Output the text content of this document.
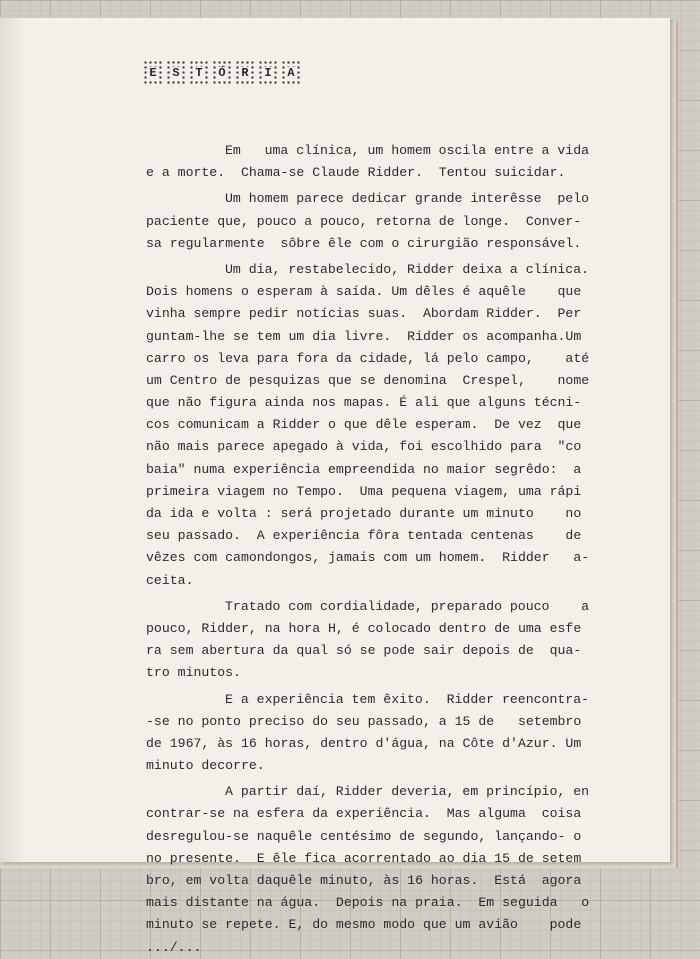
E S T Ó R I A
Em   uma clínica, um homem oscila entre a vida
e a morte.  Chama-se Claude Ridder.  Tentou suicidar.
Um homem parece dedicar grande interêsse  pelo
paciente que, pouco a pouco, retorna de longe.  Conver-
sa regularmente  sôbre êle com o cirurgião responsável.
Um dia, restabelecido, Ridder deixa a clínica.
Dois homens o esperam à saída. Um dêles é aquêle    que
vinha sempre pedir notícias suas.  Abordam Ridder.  Per
guntam-lhe se tem um dia livre.  Ridder os acompanha.Um
carro os leva para fora da cidade, lá pelo campo,    até
um Centro de pesquizas que se denomina  Crespel,    nome
que não figura ainda nos mapas. É ali que alguns técni-
cos comunicam a Ridder o que dêle esperam.  De vez  que
não mais parece apegado à vida, foi escolhido para  "co
baia" numa experiência empreendida no maior segrêdo:  a
primeira viagem no Tempo.  Uma pequena viagem, uma rápi
da ida e volta : será projetado durante um minuto    no
seu passado.  A experiência fôra tentada centenas    de
vêzes com camondongos, jamais com um homem.  Ridder   a-
ceita.
Tratado com cordialidade, preparado pouco    a
pouco, Ridder, na hora H, é colocado dentro de uma esfe
ra sem abertura da qual só se pode sair depois de  qua-
tro minutos.
E a experiência tem êxito.  Ridder reencontra-
-se no ponto preciso do seu passado, a 15 de   setembro
de 1967, às 16 horas, dentro d'água, na Côte d'Azur. Um
minuto decorre.
A partir daí, Ridder deveria, em princípio, en
contrar-se na esfera da experiência.  Mas alguma  coisa
desregulou-se naquêle centésimo de segundo, lançando- o
no presente.  E êle fica acorrentado ao dia 15 de setem
bro, em volta daquêle minuto, às 16 horas.  Está  agora
mais distante na água.  Depois na praia.  Em seguida   o
minuto se repete. E, do mesmo modo que um avião    pode
.../...
